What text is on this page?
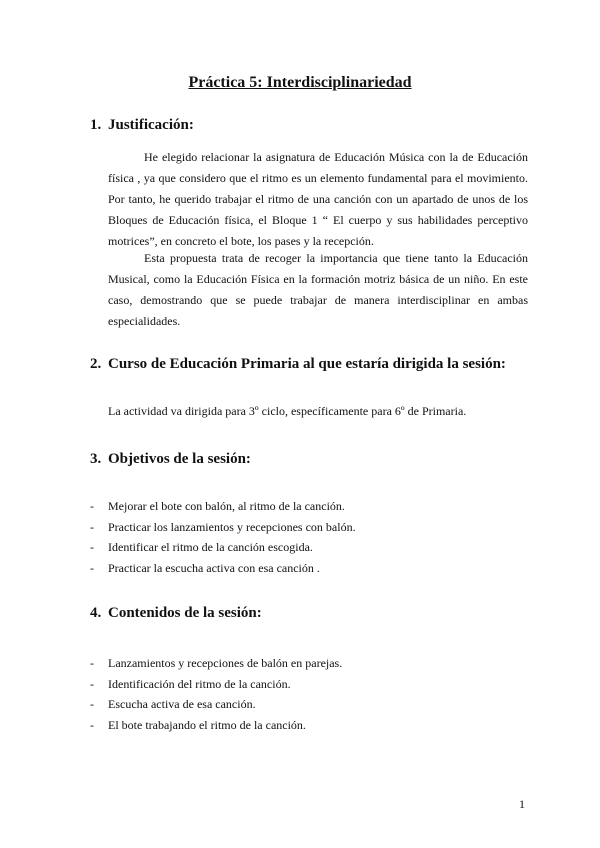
Práctica 5: Interdisciplinariedad
1. Justificación:

He elegido relacionar la asignatura de Educación Música con la de Educación física , ya que considero que el ritmo es un elemento fundamental para el movimiento. Por tanto, he querido trabajar el ritmo de una canción con un apartado de unos de los Bloques de Educación física, el Bloque 1 “ El cuerpo y sus habilidades perceptivo motrices”, en concreto el bote, los pases y la recepción.

Esta propuesta trata de recoger la importancia que tiene tanto la Educación Musical, como la Educación Física en la formación motriz básica de un niño. En este caso, demostrando que se puede trabajar de manera interdisciplinar en ambas especialidades.

2. Curso de Educación Primaria al que estaría dirigida la sesión:
La actividad va dirigida para 3º ciclo, específicamente para 6º de Primaria.
3. Objetivos de la sesión:
- Mejorar el bote con balón, al ritmo de la canción.
- Practicar los lanzamientos y recepciones con balón.
- Identificar el ritmo de la canción escogida.
- Practicar la escucha activa con esa canción .
4. Contenidos de la sesión:
- Lanzamientos y recepciones de balón en parejas.
- Identificación del ritmo de la canción.
- Escucha activa de esa canción.
- El bote trabajando el ritmo de la canción.
1
